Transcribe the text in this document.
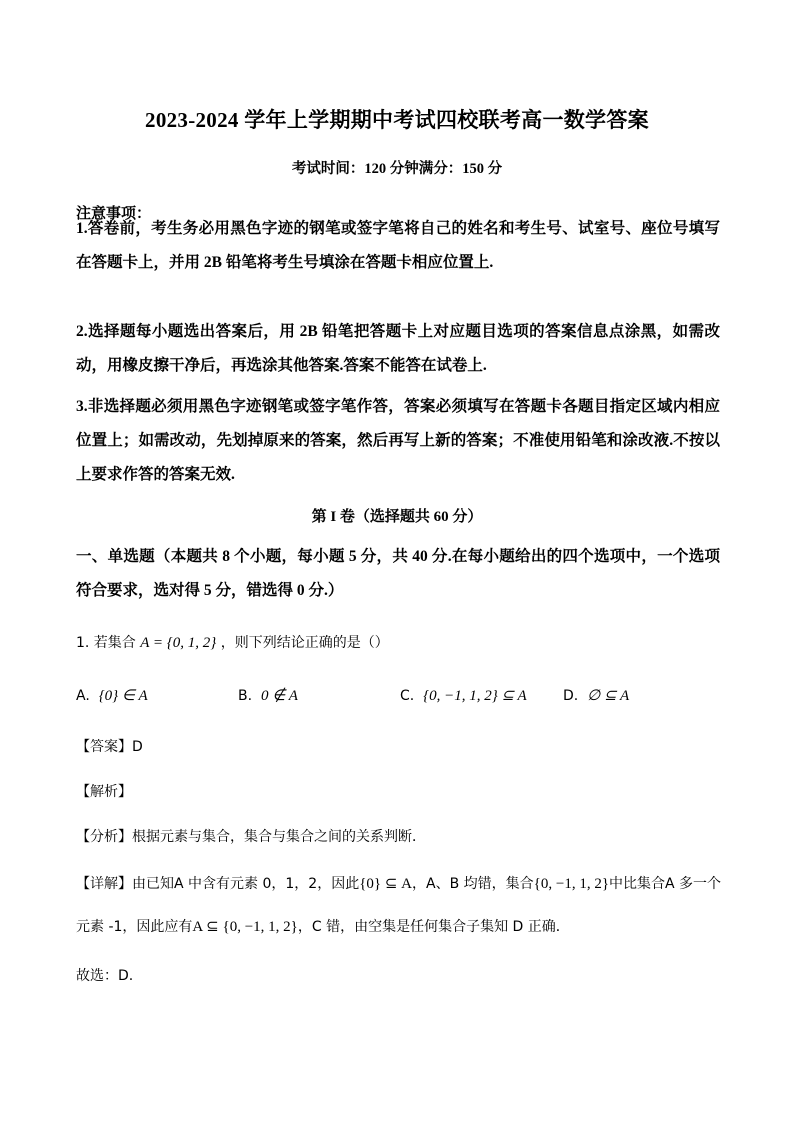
2023-2024 学年上学期期中考试四校联考高一数学答案
考试时间：120 分钟满分：150 分
注意事项：
1.答卷前，考生务必用黑色字迹的钢笔或签字笔将自己的姓名和考生号、试室号、座位号填写在答题卡上，并用 2B 铅笔将考生号填涂在答题卡相应位置上.
2.选择题每小题选出答案后，用 2B 铅笔把答题卡上对应题目选项的答案信息点涂黑，如需改动，用橡皮擦干净后，再选涂其他答案.答案不能答在试卷上.
3.非选择题必须用黑色字迹钢笔或签字笔作答，答案必须填写在答题卡各题目指定区域内相应位置上；如需改动，先划掉原来的答案，然后再写上新的答案；不准使用铅笔和涂改液.不按以上要求作答的答案无效.
第 I 卷（选择题共 60 分）
一、单选题（本题共 8 个小题，每小题 5 分，共 40 分.在每小题给出的四个选项中，一个选项符合要求，选对得 5 分，错选得 0 分.）
1. 若集合 A = {0, 1, 2} ，则下列结论正确的是（）
A. {0} ∈ A	B. 0 ∉ A	C. {0, −1, 1, 2} ⊆ A	D. ∅ ⊆ A
【答案】D
【解析】
【分析】根据元素与集合，集合与集合之间的关系判断．
【详解】由已知A 中含有元素 0，1，2，因此{0} ⊆ A，A、B 均错，集合{0, −1, 1, 2}中比集合A 多一个
元素 -1，因此应有A ⊆ {0, −1, 1, 2}，C 错，由空集是任何集合子集知 D 正确．
故选：D.
